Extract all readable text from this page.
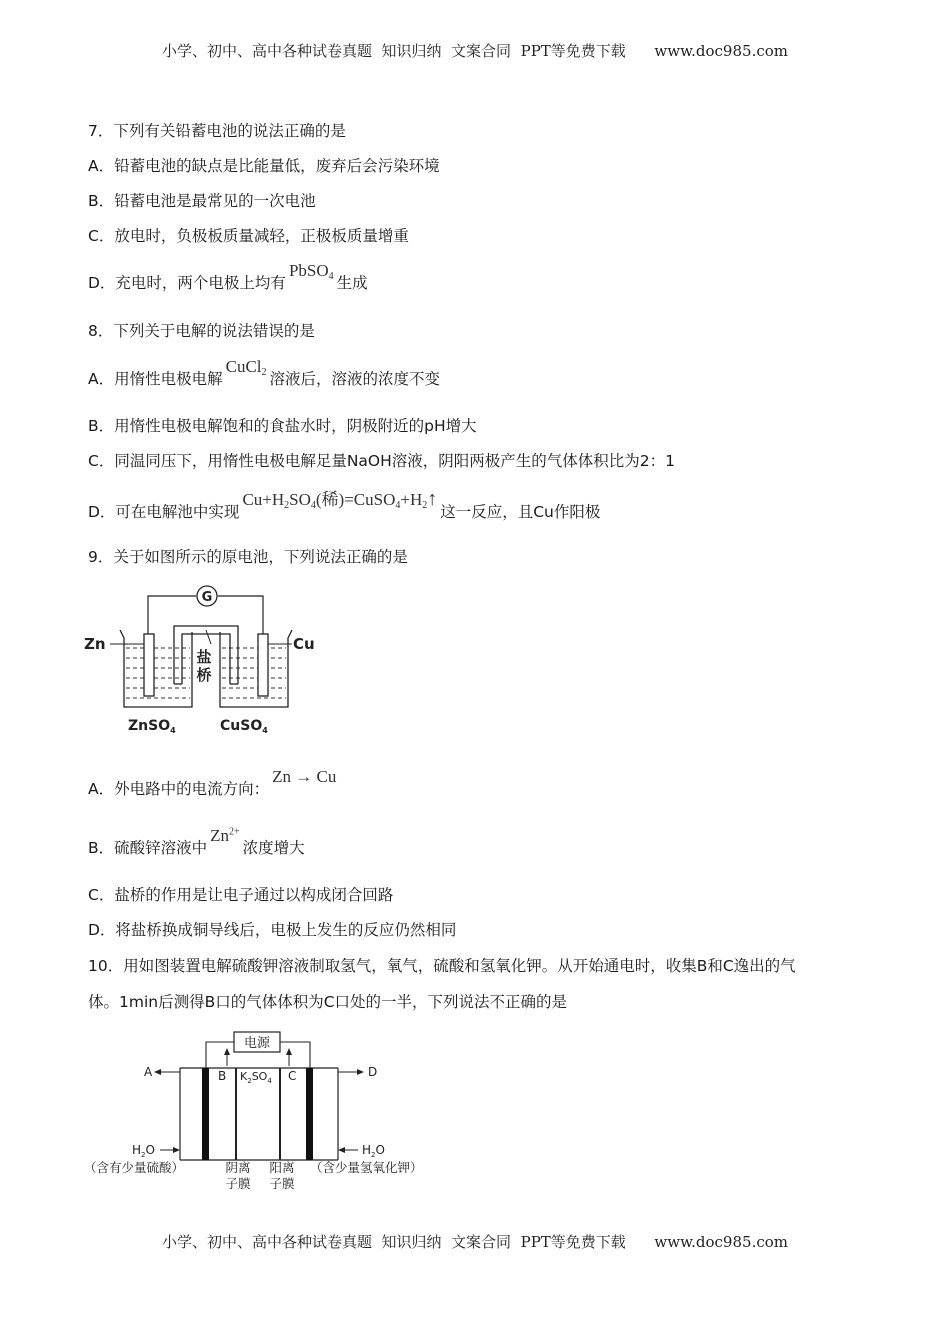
小学、初中、高中各种试卷真题  知识归纳  文案合同  PPT等免费下载      www.doc985.com
7．下列有关铅蓄电池的说法正确的是
A．铅蓄电池的缺点是比能量低，废弃后会污染环境
B．铅蓄电池是最常见的一次电池
C．放电时，负极板质量减轻，正极板质量增重
D．充电时，两个电极上均有PbSO$_4$ 生成
8．下列关于电解的说法错误的是
A．用惰性电极电解CuCl$_2$ 溶液后，溶液的浓度不变
B．用惰性电极电解饱和的食盐水时，阴极附近的pH增大
C．同温同压下，用惰性电极电解足量NaOH溶液，阴阳两极产生的气体体积比为2：1
D．可在电解池中实现$Cu+H_2SO_4$(稀)$=CuSO_4+H_2↑$这一反应，且Cu作阳极
9．关于如图所示的原电池，下列说法正确的是
G
盐
桥
Zn	Cu
ZnSO$_4$	CuSO$_4$
A．外电路中的电流方向：Zn → Cu
B．硫酸锌溶液中$Zn^{2+}$浓度增大
C．盐桥的作用是让电子通过以构成闭合回路
D．将盐桥换成铜导线后，电极上发生的反应仍然相同
10．用如图装置电解硫酸钾溶液制取氢气，氧气，硫酸和氢氧化钾。从开始通电时，收集B和C逸出的气
体。1min后测得B口的气体体积为C口处的一半，下列说法不正确的是
电源
B	C
$K_2SO_4$
A	D
$H_2O$	$H_2O$
（含有少量硫酸）	（含少量氢氧化钾）
阴离
子膜
阳离
子膜
小学、初中、高中各种试卷真题  知识归纳  文案合同  PPT等免费下载      www.doc985.com
